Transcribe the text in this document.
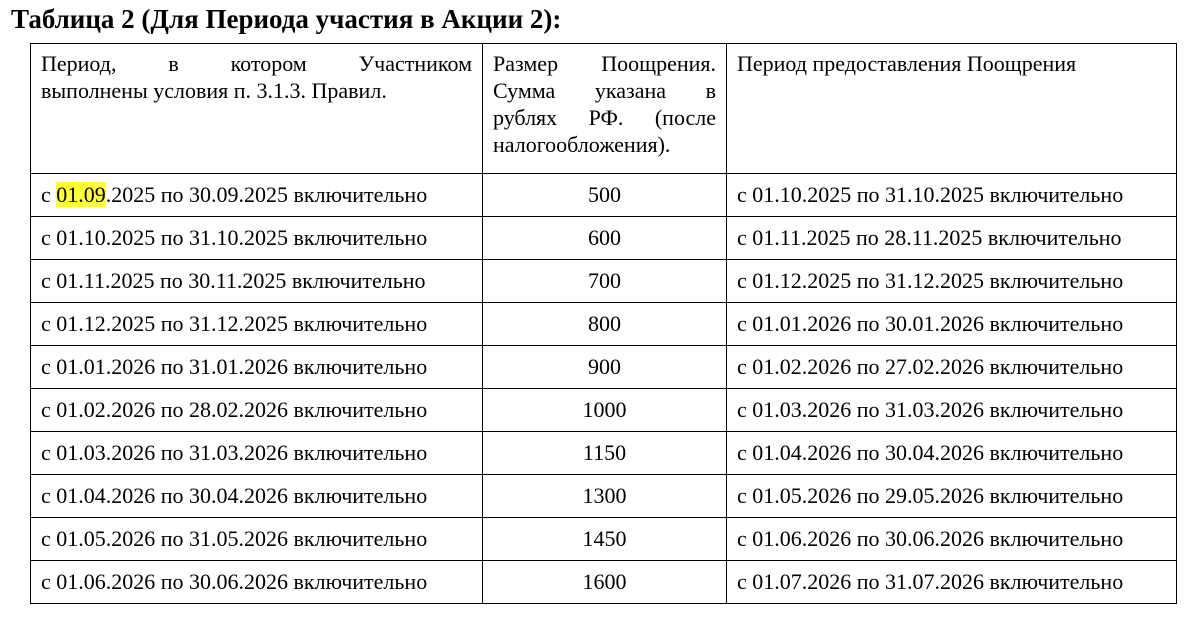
Таблица 2 (Для Периода участия в Акции 2):
Период, в котором Участником
выполнены условия п. 3.1.3. Правил.	Размер Поощрения. Сумма указана в рублях РФ. (после налогообложения).	Период предоставления Поощрения
с 01.09.2025 по 30.09.2025 включительно	500	с 01.10.2025 по 31.10.2025 включительно
с 01.10.2025 по 31.10.2025 включительно	600	с 01.11.2025 по 28.11.2025 включительно
с 01.11.2025 по 30.11.2025 включительно	700	с 01.12.2025 по 31.12.2025 включительно
с 01.12.2025 по 31.12.2025 включительно	800	с 01.01.2026 по 30.01.2026 включительно
с 01.01.2026 по 31.01.2026 включительно	900	с 01.02.2026 по 27.02.2026 включительно
с 01.02.2026 по 28.02.2026 включительно	1000	с 01.03.2026 по 31.03.2026 включительно
с 01.03.2026 по 31.03.2026 включительно	1150	с 01.04.2026 по 30.04.2026 включительно
с 01.04.2026 по 30.04.2026 включительно	1300	с 01.05.2026 по 29.05.2026 включительно
с 01.05.2026 по 31.05.2026 включительно	1450	с 01.06.2026 по 30.06.2026 включительно
с 01.06.2026 по 30.06.2026 включительно	1600	с 01.07.2026 по 31.07.2026 включительно
